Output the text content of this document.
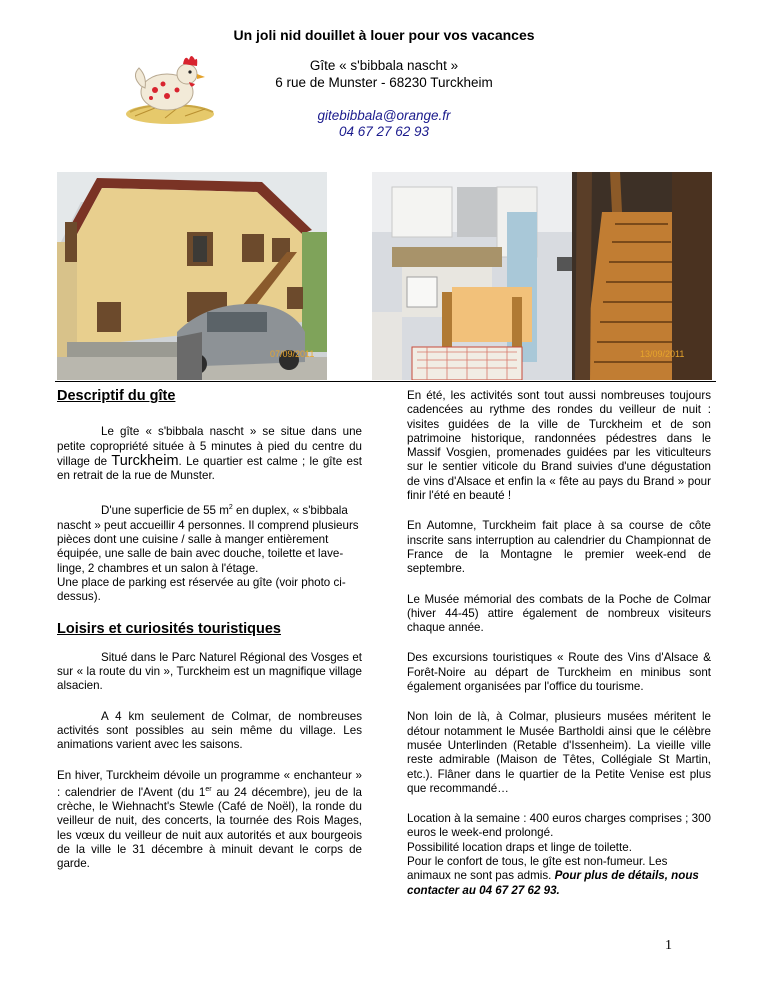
Un joli nid douillet à louer pour vos vacances
Gîte « s'bibbala nascht »
6 rue de Munster - 68230 Turckheim
gitebibbala@orange.fr
04 67 27 62 93
07/09/2011	13/09/2011
Descriptif du gîte

Le gîte « s'bibbala nascht » se situe dans une petite copropriété située à 5 minutes à pied du centre du village de Turckheim. Le quartier est calme ; le gîte est en retrait de la rue de Munster.

D'une superficie de 55 $m^2$ en duplex, « s'bibbala nascht » peut accueillir 4 personnes. Il comprend plusieurs pièces dont une cuisine / salle à manger entièrement équipée, une salle de bain avec douche, toilette et lave-linge, 2 chambres et un salon à l'étage.

Une place de parking est réservée au gîte (voir photo ci-dessus).

Loisirs et curiosités touristiques

Situé dans le Parc Naturel Régional des Vosges et sur « la route du vin », Turckheim est un magnifique village alsacien.

A 4 km seulement de Colmar, de nombreuses activités sont possibles au sein même du village. Les animations varient avec les saisons.

En hiver, Turckheim dévoile un programme « enchanteur » : calendrier de l'Avent (du 1er au 24 décembre), jeu de la crèche, le Wiehnacht's Stewle (Café de Noël), la ronde du veilleur de nuit, des concerts, la tournée des Rois Mages, les vœux du veilleur de nuit aux autorités et aux bourgeois de la ville le 31 décembre à minuit devant le corps de garde.

En été, les activités sont tout aussi nombreuses toujours cadencées au rythme des rondes du veilleur de nuit : visites guidées de la ville de Turckheim et de son patrimoine historique, randonnées pédestres dans le Massif Vosgien, promenades guidées par les viticulteurs sur le sentier viticole du Brand suivies d'une dégustation de vins d'Alsace et enfin la « fête au pays du Brand » pour finir l'été en beauté !

En Automne, Turckheim fait place à sa course de côte inscrite sans interruption au calendrier du Championnat de France de la Montagne le premier week-end de septembre.

Le Musée mémorial des combats de la Poche de Colmar (hiver 44-45) attire également de nombreux visiteurs chaque année.

Des excursions touristiques « Route des Vins d'Alsace & Forêt-Noire au départ de Turckheim en minibus sont également organisées par l'office du tourisme.

Non loin de là, à Colmar, plusieurs musées méritent le détour notamment le Musée Bartholdi ainsi que le célèbre musée Unterlinden (Retable d'Issenheim). La vieille ville reste admirable (Maison de Têtes, Collégiale St Martin, etc.). Flâner dans le quartier de la Petite Venise est plus que recommandé…

Location à la semaine : 400 euros charges comprises ; 300 euros le week-end prolongé.

Possibilité location draps et linge de toilette.

Pour le confort de tous, le gîte est non-fumeur. Les animaux ne sont pas admis. Pour plus de détails, nous contacter au 04 67 27 62 93.

1
